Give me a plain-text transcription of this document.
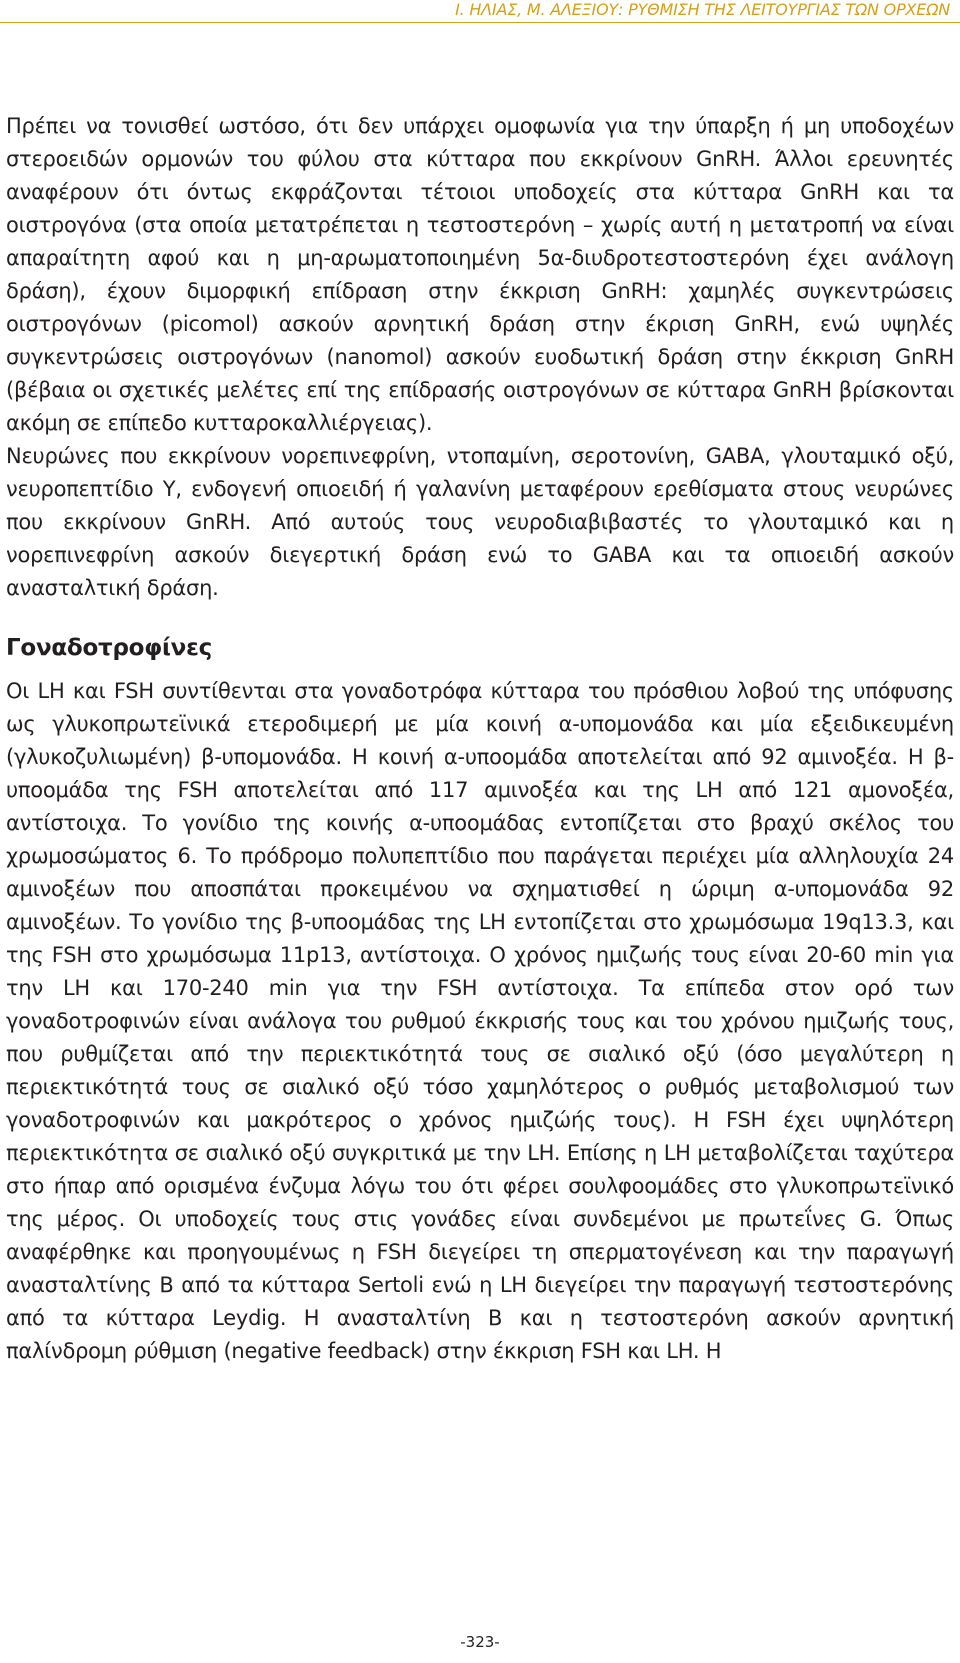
Ι. ΗΛΙΑΣ, Μ. ΑΛΕΞΙΟΥ: ΡΥΘΜΙΣΗ ΤΗΣ ΛΕΙΤΟΥΡΓΙΑΣ ΤΩΝ ΟΡΧΕΩΝ

Πρέπει να τονισθεί ωστόσο, ότι δεν υπάρχει ομοφωνία για την ύπαρξη ή μη υποδοχέων στεροειδών ορμονών του φύλου στα κύτταρα που εκκρίνουν GnRH. Άλλοι ερευνητές αναφέρουν ότι όντως εκφράζονται τέτοιοι υποδοχείς στα κύτταρα GnRH και τα οιστρογόνα (στα οποία μετατρέπεται η τεστοστερόνη – χωρίς αυτή η μετατροπή να είναι απαραίτητη αφού και η μη-αρωματοποιημένη 5α-διυδροτεστοστερόνη έχει ανάλογη δράση), έχουν διμορφική επίδραση στην έκκριση GnRH: χαμηλές συγκεντρώσεις οιστρογόνων (picomol) ασκούν αρνητική δράση στην έκριση GnRH, ενώ υψηλές συγκεντρώσεις οιστρογόνων (nanomol) ασκούν ευοδωτική δράση στην έκκριση GnRH (βέβαια οι σχετικές μελέτες επί της επίδρασής οιστρογόνων σε κύτταρα GnRH βρίσκονται ακόμη σε επίπεδο κυτταροκαλλιέργειας).

Νευρώνες που εκκρίνουν νορεπινεφρίνη, ντοπαμίνη, σεροτονίνη, GABA, γλουταμικό οξύ, νευροπεπτίδιο Y, ενδογενή οπιοειδή ή γαλανίνη μεταφέρουν ερεθίσματα στους νευρώνες που εκκρίνουν GnRH. Από αυτούς τους νευροδιαβιβαστές το γλουταμικό και η νορεπινεφρίνη ασκούν διεγερτική δράση ενώ το GABA και τα οπιοειδή ασκούν ανασταλτική δράση.

Γοναδοτροφίνες

Οι LH και FSH συντίθενται στα γοναδοτρόφα κύτταρα του πρόσθιου λοβού της υπόφυσης ως γλυκοπρωτεϊνικά ετεροδιμερή με μία κοινή α-υπομονάδα και μία εξειδικευμένη (γλυκοζυλιωμένη) β-υπομονάδα. Η κοινή α-υποομάδα αποτελείται από 92 αμινοξέα. Η β-υποομάδα της FSH αποτελείται από 117 αμινοξέα και της LH από 121 αμονοξέα, αντίστοιχα. Το γονίδιο της κοινής α-υποομάδας εντοπίζεται στο βραχύ σκέλος του χρωμοσώματος 6. Το πρόδρομο πολυπεπτίδιο που παράγεται περιέχει μία αλληλουχία 24 αμινοξέων που αποσπάται προκειμένου να σχηματισθεί η ώριμη α-υπομονάδα 92 αμινοξέων. Το γονίδιο της β-υποομάδας της LH εντοπίζεται στο χρωμόσωμα 19q13.3, και της FSH στο χρωμόσωμα 11p13, αντίστοιχα. Ο χρόνος ημιζωής τους είναι 20-60 min για την LH και 170-240 min για την FSH αντίστοιχα. Τα επίπεδα στον ορό των γοναδοτροφινών είναι ανάλογα του ρυθμού έκκρισής τους και του χρόνου ημιζωής τους, που ρυθμίζεται από την περιεκτικότητά τους σε σιαλικό οξύ (όσο μεγαλύτερη η περιεκτικότητά τους σε σιαλικό οξύ τόσο χαμηλότερος ο ρυθμός μεταβολισμού των γοναδοτροφινών και μακρότερος ο χρόνος ημιζώής τους). Η FSH έχει υψηλότερη περιεκτικότητα σε σιαλικό οξύ συγκριτικά με την LH. Επίσης η LH μεταβολίζεται ταχύτερα στο ήπαρ από ορισμένα ένζυμα λόγω του ότι φέρει σουλφοομάδες στο γλυκοπρωτεϊνικό της μέρος. Οι υποδοχείς τους στις γονάδες είναι συνδεμένοι με πρωτεΐνες G. Όπως αναφέρθηκε και προηγουμένως η FSH διεγείρει τη σπερματογένεση και την παραγωγή ανασταλτίνης Β από τα κύτταρα Sertoli ενώ η LH διεγείρει την παραγωγή τεστοστερόνης από τα κύτταρα Leydig. Η ανασταλτίνη Β και η τεστοστερόνη ασκούν αρνητική παλίνδρομη ρύθμιση (negative feedback) στην έκκριση FSH και LH. Η

-323-
